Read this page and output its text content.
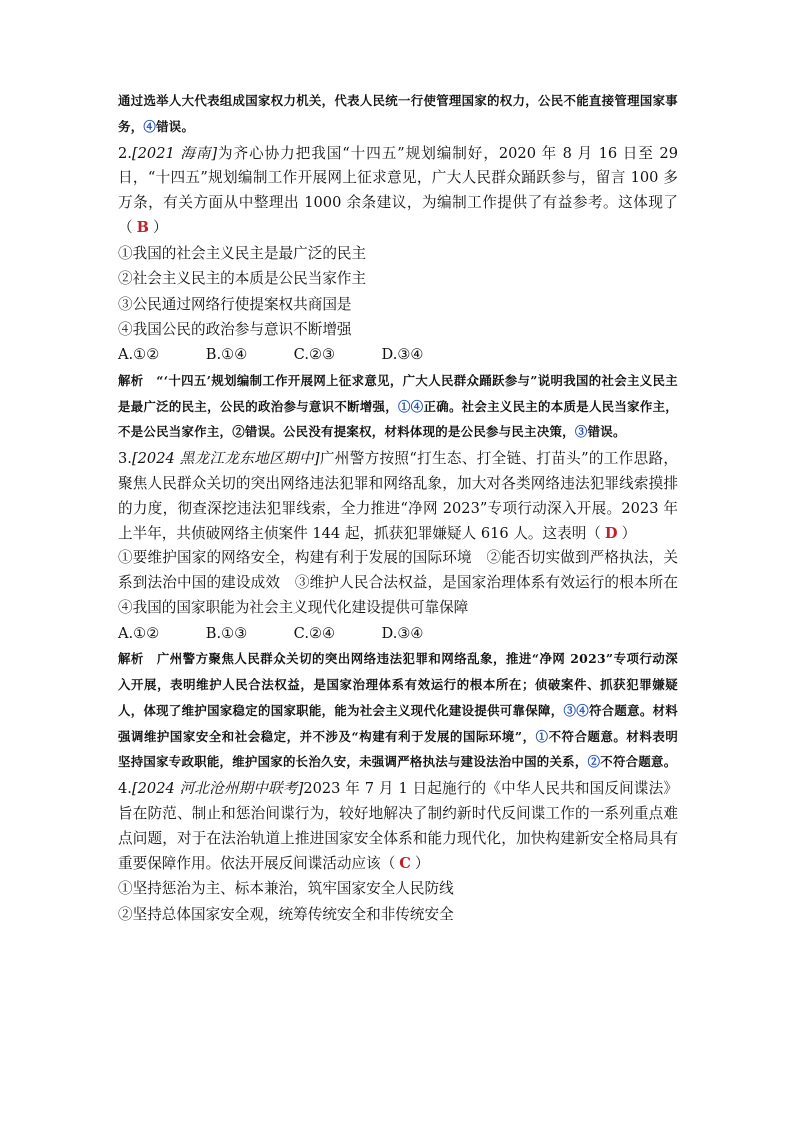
通过选举人大代表组成国家权力机关，代表人民统一行使管理国家的权力，公民不能直接管理国家事务，④错误。

2.[2021 海南]为齐心协力把我国“十四五”规划编制好，2020 年 8 月 16 日至 29 日，“十四五”规划编制工作开展网上征求意见，广大人民群众踊跃参与，留言 100 多万条，有关方面从中整理出 1000 余条建议，为编制工作提供了有益参考。这体现了（ B ）

①我国的社会主义民主是最广泛的民主

②社会主义民主的本质是公民当家作主

③公民通过网络行使提案权共商国是

④我国公民的政治参与意识不断增强

A.①②	B.①④	C.②③	D.③④

解析　 “‘十四五’规划编制工作开展网上征求意见，广大人民群众踊跃参与”说明我国的社会主义民主是最广泛的民主，公民的政治参与意识不断增强，①④正确。社会主义民主的本质是人民当家作主，不是公民当家作主，②错误。公民没有提案权，材料体现的是公民参与民主决策，③错误。

3.[2024 黑龙江龙东地区期中]广州警方按照“打生态、打全链、打苗头”的工作思路，聚焦人民群众关切的突出网络违法犯罪和网络乱象，加大对各类网络违法犯罪线索摸排的力度，彻查深挖违法犯罪线索，全力推进“净网 2023”专项行动深入开展。2023 年上半年，共侦破网络主侦案件 144 起，抓获犯罪嫌疑人 616 人。这表明（ D ）

①要维护国家的网络安全，构建有利于发展的国际环境　②能否切实做到严格执法，关系到法治中国的建设成效　③维护人民合法权益，是国家治理体系有效运行的根本所在　④我国的国家职能为社会主义现代化建设提供可靠保障

A.①②	B.①③	C.②④	D.③④

解析　 广州警方聚焦人民群众关切的突出网络违法犯罪和网络乱象，推进“净网 2023”专项行动深入开展，表明维护人民合法权益，是国家治理体系有效运行的根本所在；侦破案件、抓获犯罪嫌疑人，体现了维护国家稳定的国家职能，能为社会主义现代化建设提供可靠保障，③④符合题意。材料强调维护国家安全和社会稳定，并不涉及“构建有利于发展的国际环境”，①不符合题意。材料表明坚持国家专政职能，维护国家的长治久安，未强调严格执法与建设法治中国的关系，②不符合题意。

4.[2024 河北沧州期中联考]2023 年 7 月 1 日起施行的《中华人民共和国反间谍法》旨在防范、制止和惩治间谍行为，较好地解决了制约新时代反间谍工作的一系列重点难点问题，对于在法治轨道上推进国家安全体系和能力现代化，加快构建新安全格局具有重要保障作用。依法开展反间谍活动应该（ C ）

①坚持惩治为主、标本兼治，筑牢国家安全人民防线

②坚持总体国家安全观，统筹传统安全和非传统安全
